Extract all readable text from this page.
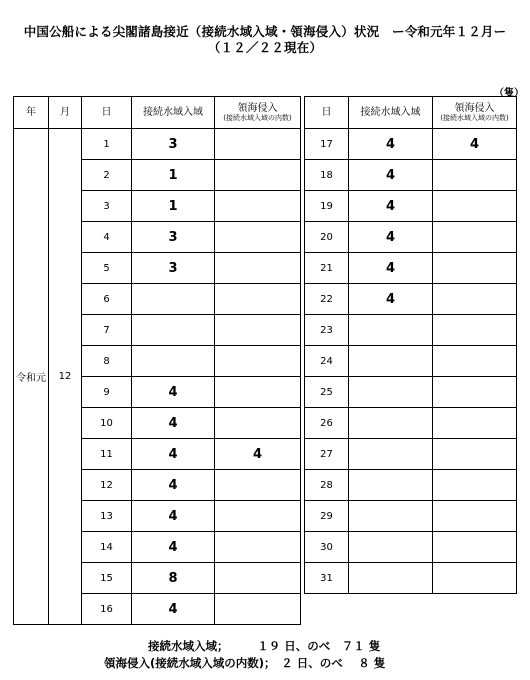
中国公船による尖閣諸島接近（接続水域入域・領海侵入）状況　ー令和元年１２月ー
（１２／２２現在）
（隻）
年	月	日	接続水域入域	領海侵入
(接続水域入域の内数)

令和元	12	1	3	
		2	1	
		3	1	
		4	3	
		5	3	
		6		
		7		
		8		
		9	4	
		10	4	
		11	4	4
		12	4	
		13	4	
		14	4	
		15	8	
		16	4	
日	接続水域入域	領海侵入
(接続水域入域の内数)

17	4	4
18	4	
19	4	
20	4	
21	4	
22	4	
23		
24		
25		
26		
27		
28		
29		
30		
31		
接続水域入域；　　　１９ 日、のべ　７１ 隻
領海侵入(接続水域入域の内数)；　２ 日、のべ　 ８ 隻
